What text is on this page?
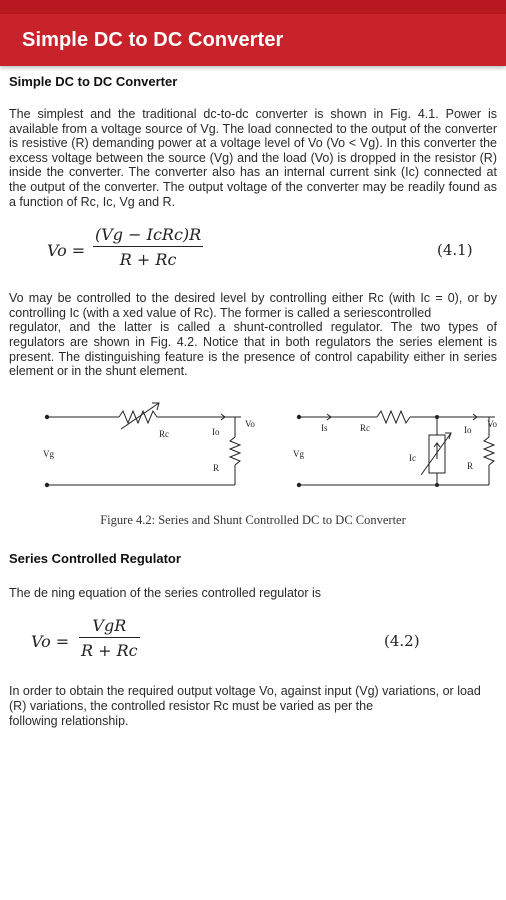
Simple DC to DC Converter

Simple DC to DC Converter

The simplest and the traditional dc-to-dc converter is shown in Fig. 4.1. Power is available from a voltage source of Vg. The load connected to the output of the converter is resistive (R) demanding power at a voltage level of Vo (Vo < Vg). In this converter the excess voltage between the source (Vg) and the load (Vo) is dropped in the resistor (R) inside the converter. The converter also has an internal current sink (Ic) connected at the output of the converter. The output voltage of the converter may be readily found as a function of Rc, Ic, Vg and R.

Vo =
(Vg − IcRc)R
R + Rc	(4.1)

Vo may be controlled to the desired level by controlling either Rc (with Ic = 0), or by controlling Ic (with a xed value of Rc). The former is called a seriescontrolled

regulator, and the latter is called a shunt-controlled regulator. The two types of regulators are shown in Fig. 4.2. Notice that in both regulators the series element is present. The distinguishing feature is the presence of control capability either in series element or in the shunt element.

Vg
Rc	Io
Vo
R
Vg
Is	Rc
Ic
Io
Vo
R
Figure 4.2: Series and Shunt Controlled DC to DC Converter

Series Controlled Regulator

The de ning equation of the series controlled regulator is

Vo =
VgR
R + Rc	(4.2)

In order to obtain the required output voltage Vo, against input (Vg) variations, or load (R) variations, the controlled resistor Rc must be varied as per the

following relationship.
